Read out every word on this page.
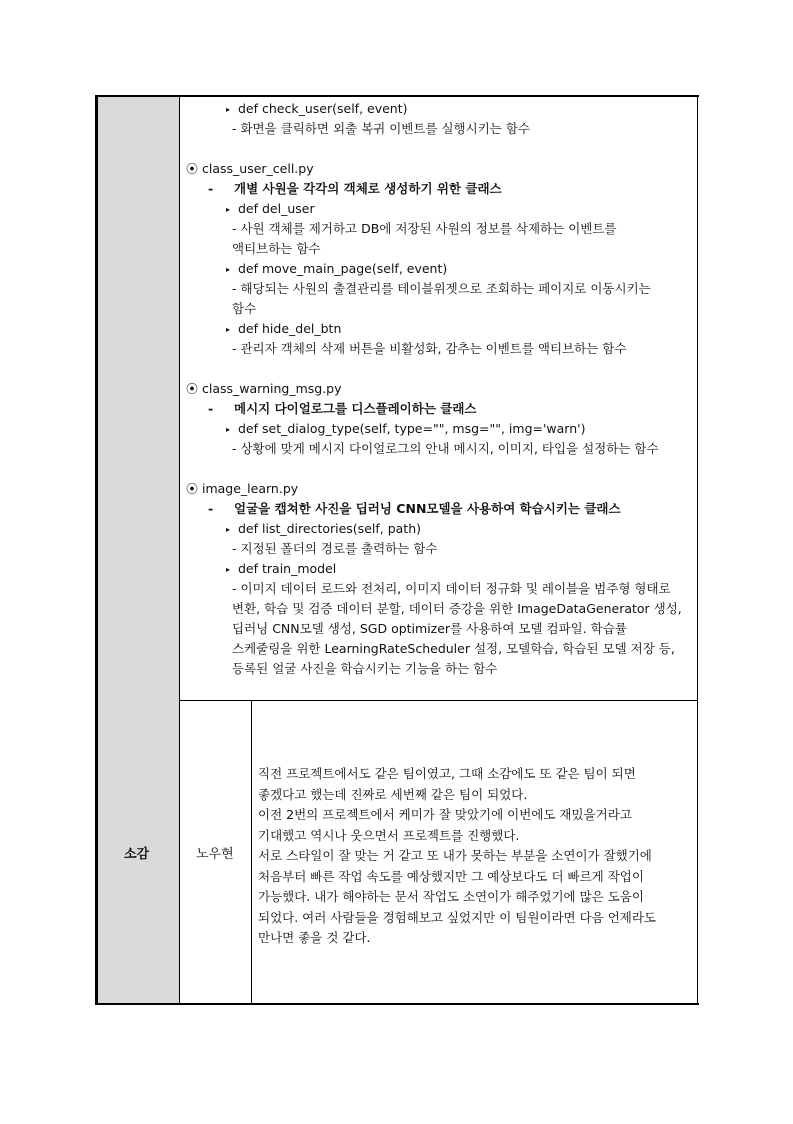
▸ def check_user(self, event)
- 화면을 클릭하면 외출 복귀 이벤트를 실행시키는 함수
⦿ class_user_cell.py
- 개별 사원을 각각의 객체로 생성하기 위한 클래스
▸ def del_user
- 사원 객체를 제거하고 DB에 저장된 사원의 정보를 삭제하는 이벤트를
액티브하는 함수
▸ def move_main_page(self, event)
- 해당되는 사원의 출결관리를 테이블위젯으로 조회하는 페이지로 이동시키는
함수
▸ def hide_del_btn
- 관리자 객체의 삭제 버튼을 비활성화, 감추는 이벤트를 액티브하는 함수
⦿ class_warning_msg.py
- 메시지 다이얼로그를 디스플레이하는 클래스
▸ def set_dialog_type(self, type="", msg="", img='warn')
- 상황에 맞게 메시지 다이얼로그의 안내 메시지, 이미지, 타입을 설정하는 함수
⦿ image_learn.py
- 얼굴을 캡쳐한 사진을 딥러닝 CNN모델을 사용하여 학습시키는 클래스
▸ def list_directories(self, path)
- 지정된 폴더의 경로를 출력하는 함수
▸ def train_model
- 이미지 데이터 로드와 전처리, 이미지 데이터 정규화 및 레이블을 범주형 형태로
변환, 학습 및 검증 데이터 분할, 데이터 증강을 위한 ImageDataGenerator 생성,
딥러닝 CNN모델 생성, SGD optimizer를 사용하여 모델 컴파일. 학습률
스케줄링을 위한 LearningRateScheduler 설정, 모델학습, 학습된 모델 저장 등,
등록된 얼굴 사진을 학습시키는 기능을 하는 함수
소감	노우현
직전 프로젝트에서도 같은 팀이였고, 그때 소감에도 또 같은 팀이 되면
좋겠다고 했는데 진짜로 세번째 같은 팀이 되었다.
이전 2번의 프로젝트에서 케미가 잘 맞았기에 이번에도 재밌을거라고
기대했고 역시나 웃으면서 프로젝트를 진행했다.
서로 스타일이 잘 맞는 거 같고 또 내가 못하는 부분을 소연이가 잘했기에
처음부터 빠른 작업 속도를 예상했지만 그 예상보다도 더 빠르게 작업이
가능했다. 내가 해야하는 문서 작업도 소연이가 해주었기에 많은 도움이
되었다. 여러 사람들을 경험해보고 싶었지만 이 팀원이라면 다음 언제라도
만나면 좋을 것 같다.
